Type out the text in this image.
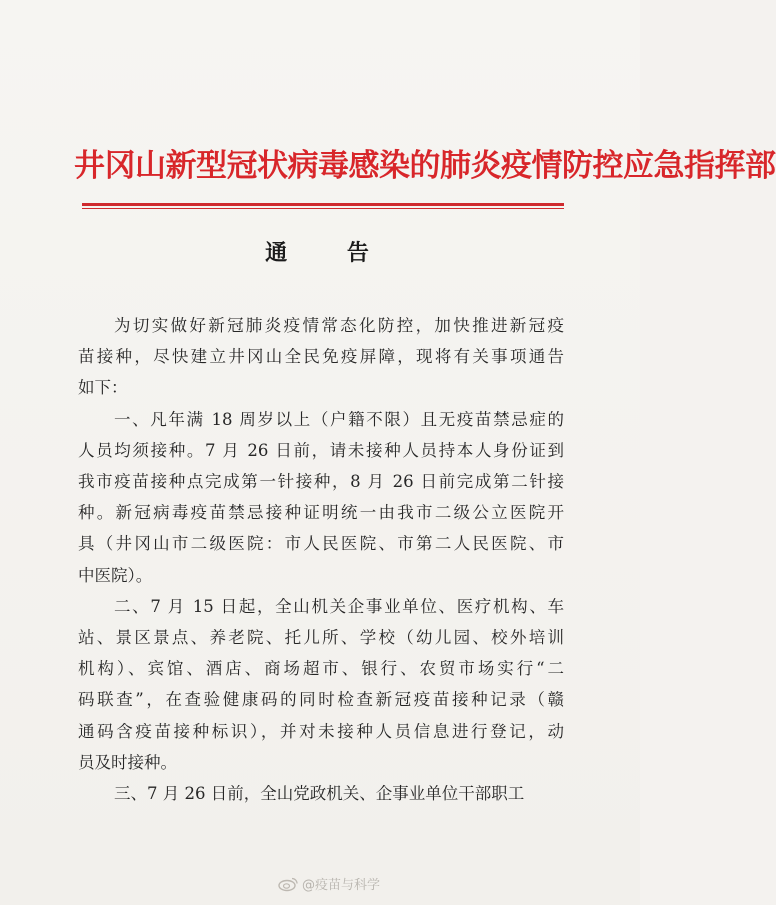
井冈山新型冠状病毒感染的肺炎疫情防控应急指挥部
通 告
为切实做好新冠肺炎疫情常态化防控，加快推进新冠疫
苗接种，尽快建立井冈山全民免疫屏障，现将有关事项通告
如下：
一、凡年满 18 周岁以上（户籍不限）且无疫苗禁忌症的
人员均须接种。7 月 26 日前，请未接种人员持本人身份证到
我市疫苗接种点完成第一针接种，8 月 26 日前完成第二针接
种。新冠病毒疫苗禁忌接种证明统一由我市二级公立医院开
具（井冈山市二级医院：市人民医院、市第二人民医院、市
中医院）。
二、7 月 15 日起，全山机关企事业单位、医疗机构、车
站、景区景点、养老院、托儿所、学校（幼儿园、校外培训
机构）、宾馆、酒店、商场超市、银行、农贸市场实行“二
码联查”，在查验健康码的同时检查新冠疫苗接种记录（赣
通码含疫苗接种标识），并对未接种人员信息进行登记，动
员及时接种。
三、7 月 26 日前，全山党政机关、企事业单位干部职工
@疫苗与科学
